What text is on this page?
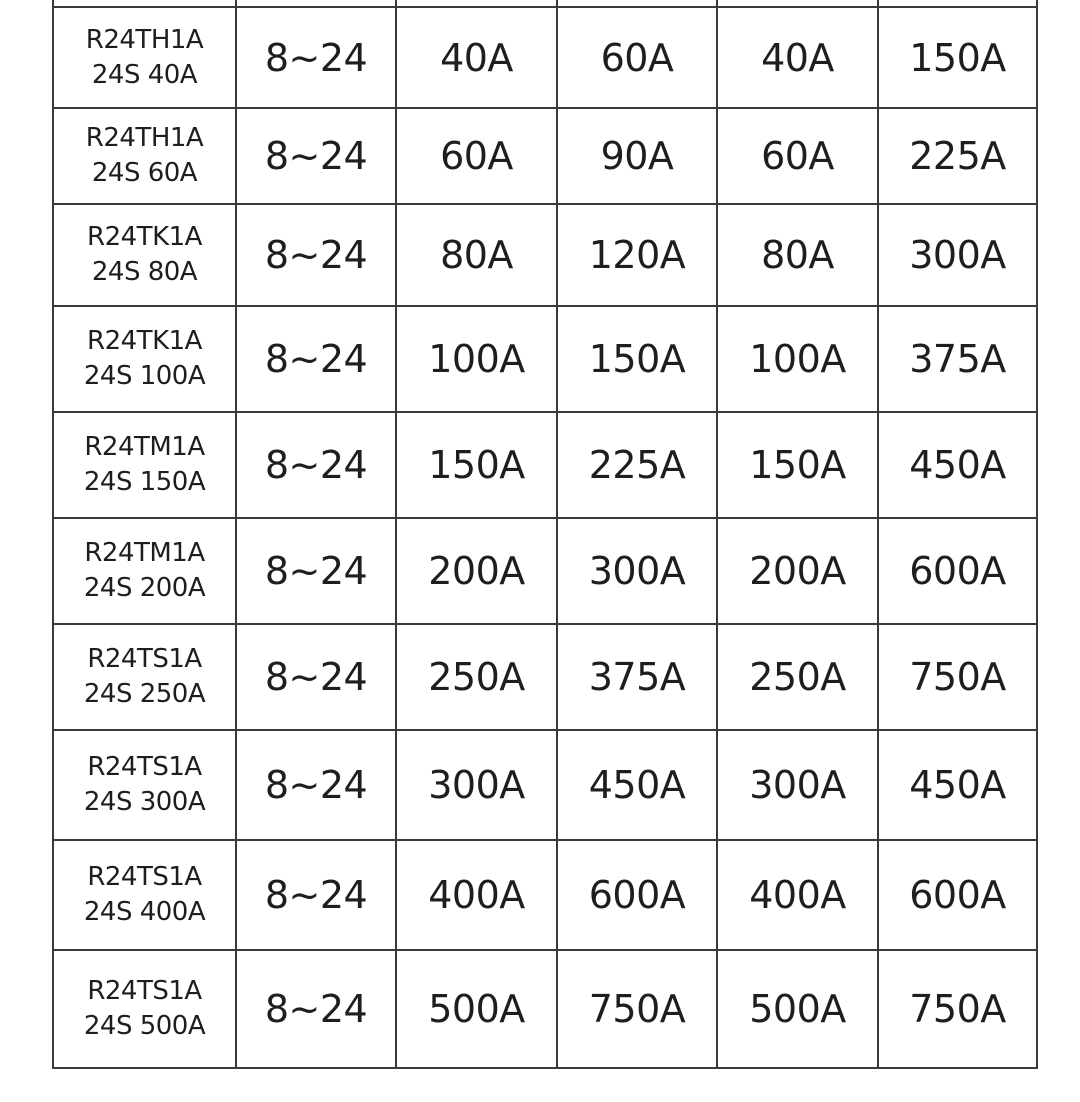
R24TH1A
24S 40A	8~24	40A	60A	40A	150A

R24TH1A
24S 60A	8~24	60A	90A	60A	225A

R24TK1A
24S 80A	8~24	80A	120A	80A	300A

R24TK1A
24S 100A	8~24	100A	150A	100A	375A

R24TM1A
24S 150A	8~24	150A	225A	150A	450A

R24TM1A
24S 200A	8~24	200A	300A	200A	600A

R24TS1A
24S 250A	8~24	250A	375A	250A	750A

R24TS1A
24S 300A	8~24	300A	450A	300A	450A

R24TS1A
24S 400A	8~24	400A	600A	400A	600A

R24TS1A
24S 500A	8~24	500A	750A	500A	750A
